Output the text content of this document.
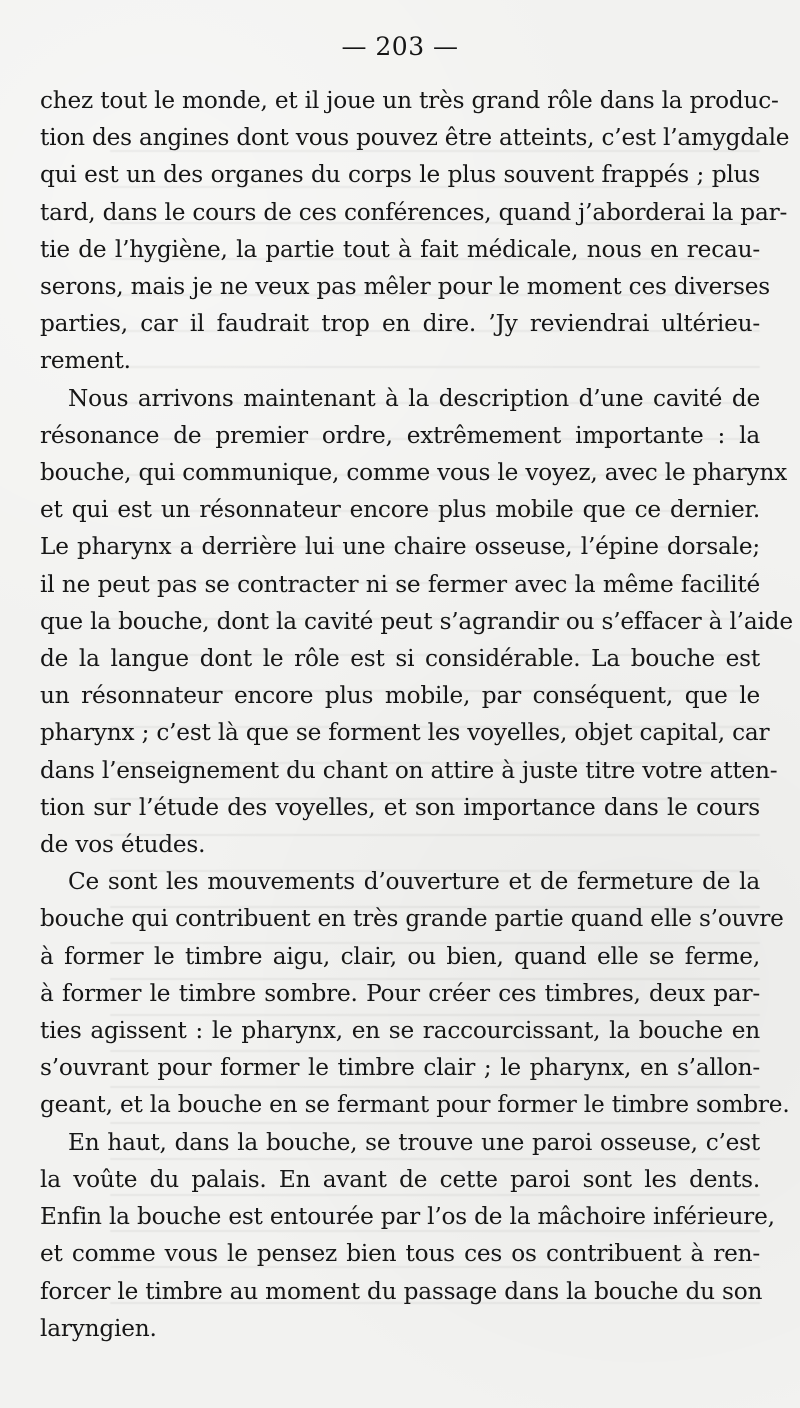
— 203 —
chez tout le monde, et il joue un très grand rôle dans la produc-
tion des angines dont vous pouvez être atteints, c’est l’amygdale
qui est un des organes du corps le plus souvent frappés ; plus
tard, dans le cours de ces conférences, quand j’aborderai la par-
tie de l’hygiène, la partie tout à fait médicale, nous en recau-
serons, mais je ne veux pas mêler pour le moment ces diverses
parties, car il faudrait trop en dire. ’Jy reviendrai ultérieu-
rement.
Nous arrivons maintenant à la description d’une cavité de
résonance de premier ordre, extrêmement importante : la
bouche, qui communique, comme vous le voyez, avec le pharynx
et qui est un résonnateur encore plus mobile que ce dernier.
Le pharynx a derrière lui une chaire osseuse, l’épine dorsale;
il ne peut pas se contracter ni se fermer avec la même facilité
que la bouche, dont la cavité peut s’agrandir ou s’effacer à l’aide
de la langue dont le rôle est si considérable. La bouche est
un résonnateur encore plus mobile, par conséquent, que le
pharynx ; c’est là que se forment les voyelles, objet capital, car
dans l’enseignement du chant on attire à juste titre votre atten-
tion sur l’étude des voyelles, et son importance dans le cours
de vos études.
Ce sont les mouvements d’ouverture et de fermeture de la
bouche qui contribuent en très grande partie quand elle s’ouvre
à former le timbre aigu, clair, ou bien, quand elle se ferme,
à former le timbre sombre. Pour créer ces timbres, deux par-
ties agissent : le pharynx, en se raccourcissant, la bouche en
s’ouvrant pour former le timbre clair ; le pharynx, en s’allon-
geant, et la bouche en se fermant pour former le timbre sombre.
En haut, dans la bouche, se trouve une paroi osseuse, c’est
la voûte du palais. En avant de cette paroi sont les dents.
Enfin la bouche est entourée par l’os de la mâchoire inférieure,
et comme vous le pensez bien tous ces os contribuent à ren-
forcer le timbre au moment du passage dans la bouche du son
laryngien.
